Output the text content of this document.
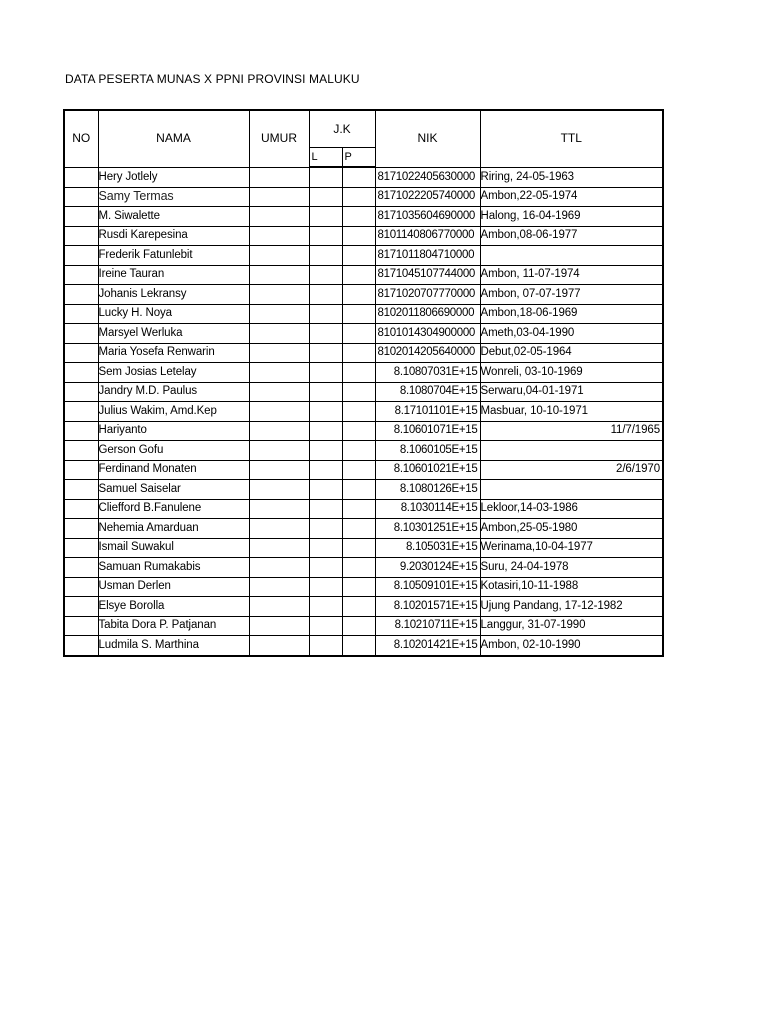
DATA PESERTA MUNAS X PPNI PROVINSI MALUKU
NO	NAMA	UMUR	J.K		NIK	TTL
			L	P		
	Hery Jotlely				8171022405630000	Riring, 24-05-1963
	Samy Termas				8171022205740000	Ambon,22-05-1974
	M. Siwalette				8171035604690000	Halong, 16-04-1969
	Rusdi Karepesina				8101140806770000	Ambon,08-06-1977
	Frederik Fatunlebit				8171011804710000	
	Ireine Tauran				8171045107744000	Ambon, 11-07-1974
	Johanis Lekransy				8171020707770000	Ambon, 07-07-1977
	Lucky H. Noya				8102011806690000	Ambon,18-06-1969
	Marsyel Werluka				8101014304900000	Ameth,03-04-1990
	Maria Yosefa Renwarin				8102014205640000	Debut,02-05-1964
	Sem Josias Letelay				8.10807031E+15	Wonreli, 03-10-1969
	Jandry M.D. Paulus				8.1080704E+15	Serwaru,04-01-1971
	Julius Wakim, Amd.Kep				8.17101101E+15	Masbuar, 10-10-1971
	Hariyanto				8.10601071E+15	11/7/1965
	Gerson Gofu				8.1060105E+15	
	Ferdinand Monaten				8.10601021E+15	2/6/1970
	Samuel Saiselar				8.1080126E+15	
	Cliefford B.Fanulene				8.1030114E+15	Lekloor,14-03-1986
	Nehemia Amarduan				8.10301251E+15	Ambon,25-05-1980
	Ismail Suwakul				8.105031E+15	Werinama,10-04-1977
	Samuan Rumakabis				9.2030124E+15	Suru, 24-04-1978
	Usman Derlen				8.10509101E+15	Kotasiri,10-11-1988
	Elsye Borolla				8.10201571E+15	Ujung Pandang, 17-12-1982
	Tabita Dora P. Patjanan				8.10210711E+15	Langgur, 31-07-1990
	Ludmila S. Marthina				8.10201421E+15	Ambon, 02-10-1990
